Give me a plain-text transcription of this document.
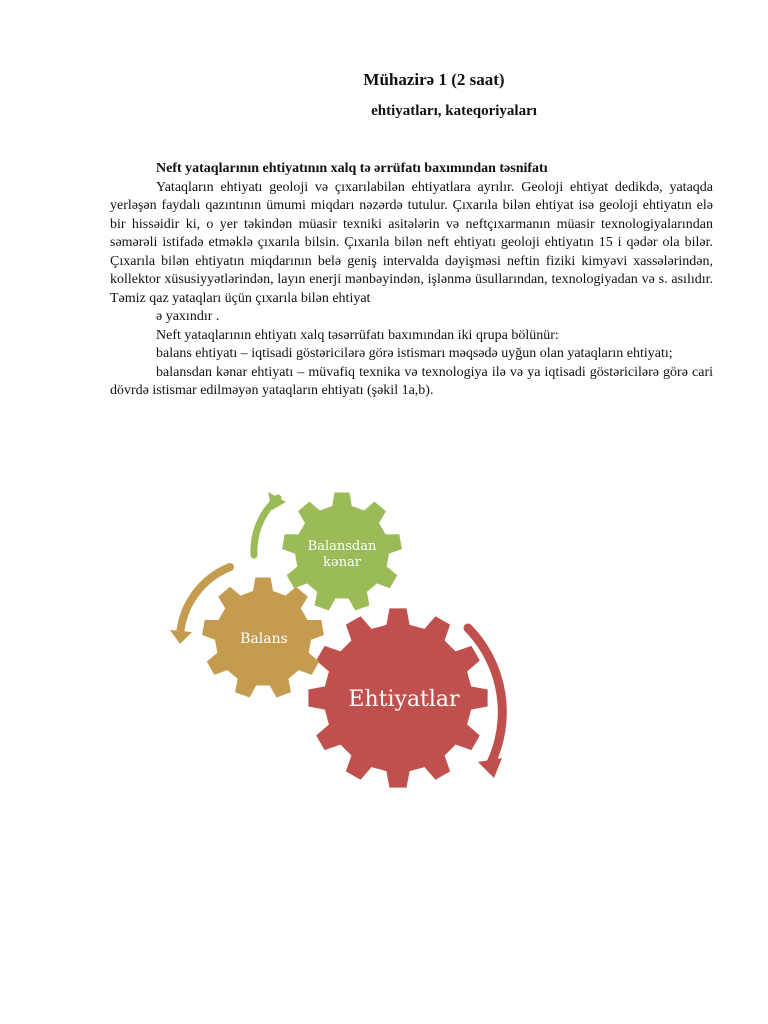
Mühazirə 1 (2 saat)
ehtiyatları, kateqoriyaları

Neft yataqlarının ehtiyatının xalq tə ərrüfatı baxımından təsnifatı

Yataqların ehtiyatı geoloji və çıxarılabilən ehtiyatlara ayrılır. Geoloji ehtiyat dedikdə, yataqda yerləşən faydalı qazıntının ümumi miqdarı nəzərdə tutulur. Çıxarıla bilən ehtiyat isə geoloji ehtiyatın elə bir hissəidir ki, o yer təkindən müasir texniki asitələrin və neftçıxarmanın müasir texnologiyalarından səmərəli istifadə etməklə çıxarıla bilsin. Çıxarıla bilən neft ehtiyatı geoloji ehtiyatın 15 i qədər ola bilər. Çıxarıla bilən ehtiyatın miqdarının belə geniş intervalda dəyişməsi neftin fiziki kimyəvi xassələrindən, kollektor xüsusiyyətlərindən, layın enerji mənbəyindən, işlənmə üsullarından, texnologiyadan və s. asılıdır. Təmiz qaz yataqları üçün çıxarıla bilən ehtiyat

ə yaxındır .

Neft yataqlarının ehtiyatı xalq təsərrüfatı baxımından iki qrupa bölünür:

balans ehtiyatı – iqtisadi göstəricilərə görə istismarı məqsədə uyğun olan yataqların ehtiyatı;

balansdan kənar ehtiyatı – müvafiq texnika və texnologiya ilə və ya iqtisadi göstəricilərə görə cari dövrdə istismar edilməyən yataqların ehtiyatı (şəkil 1a,b).

Ehtiyatlar
Balans
Balansdan
kənar
